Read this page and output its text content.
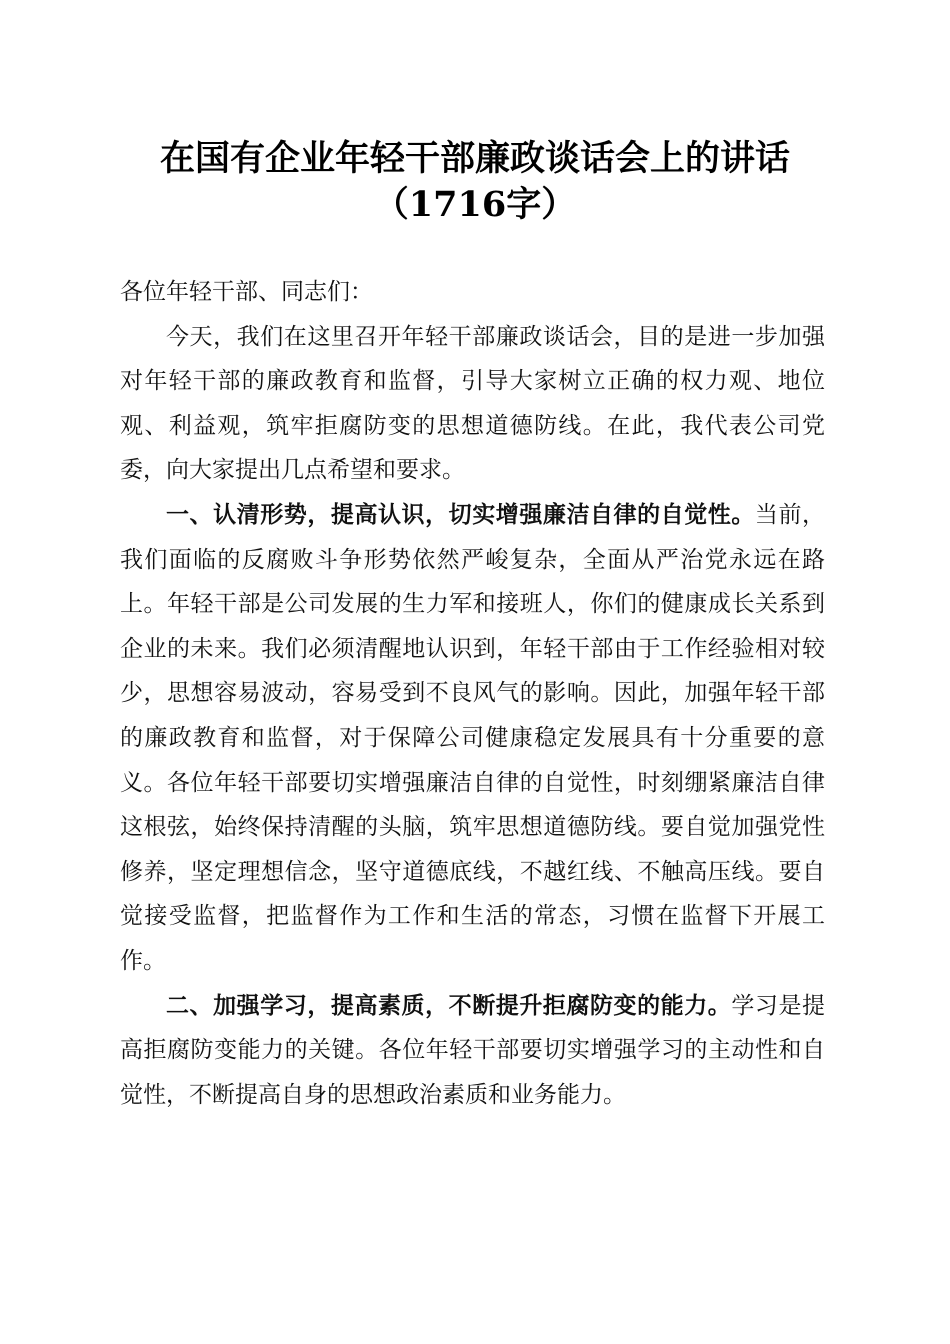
在国有企业年轻干部廉政谈话会上的讲话
（1716字）

各位年轻干部、同志们：

今天，我们在这里召开年轻干部廉政谈话会，目的是进一步加强对年轻干部的廉政教育和监督，引导大家树立正确的权力观、地位观、利益观，筑牢拒腐防变的思想道德防线。在此，我代表公司党委，向大家提出几点希望和要求。

一、认清形势，提高认识，切实增强廉洁自律的自觉性。当前，我们面临的反腐败斗争形势依然严峻复杂，全面从严治党永远在路上。年轻干部是公司发展的生力军和接班人，你们的健康成长关系到企业的未来。我们必须清醒地认识到，年轻干部由于工作经验相对较少，思想容易波动，容易受到不良风气的影响。因此，加强年轻干部的廉政教育和监督，对于保障公司健康稳定发展具有十分重要的意义。各位年轻干部要切实增强廉洁自律的自觉性，时刻绷紧廉洁自律这根弦，始终保持清醒的头脑，筑牢思想道德防线。要自觉加强党性修养，坚定理想信念，坚守道德底线，不越红线、不触高压线。要自觉接受监督，把监督作为工作和生活的常态，习惯在监督下开展工作。

二、加强学习，提高素质，不断提升拒腐防变的能力。学习是提高拒腐防变能力的关键。各位年轻干部要切实增强学习的主动性和自觉性，不断提高自身的思想政治素质和业务能力。
